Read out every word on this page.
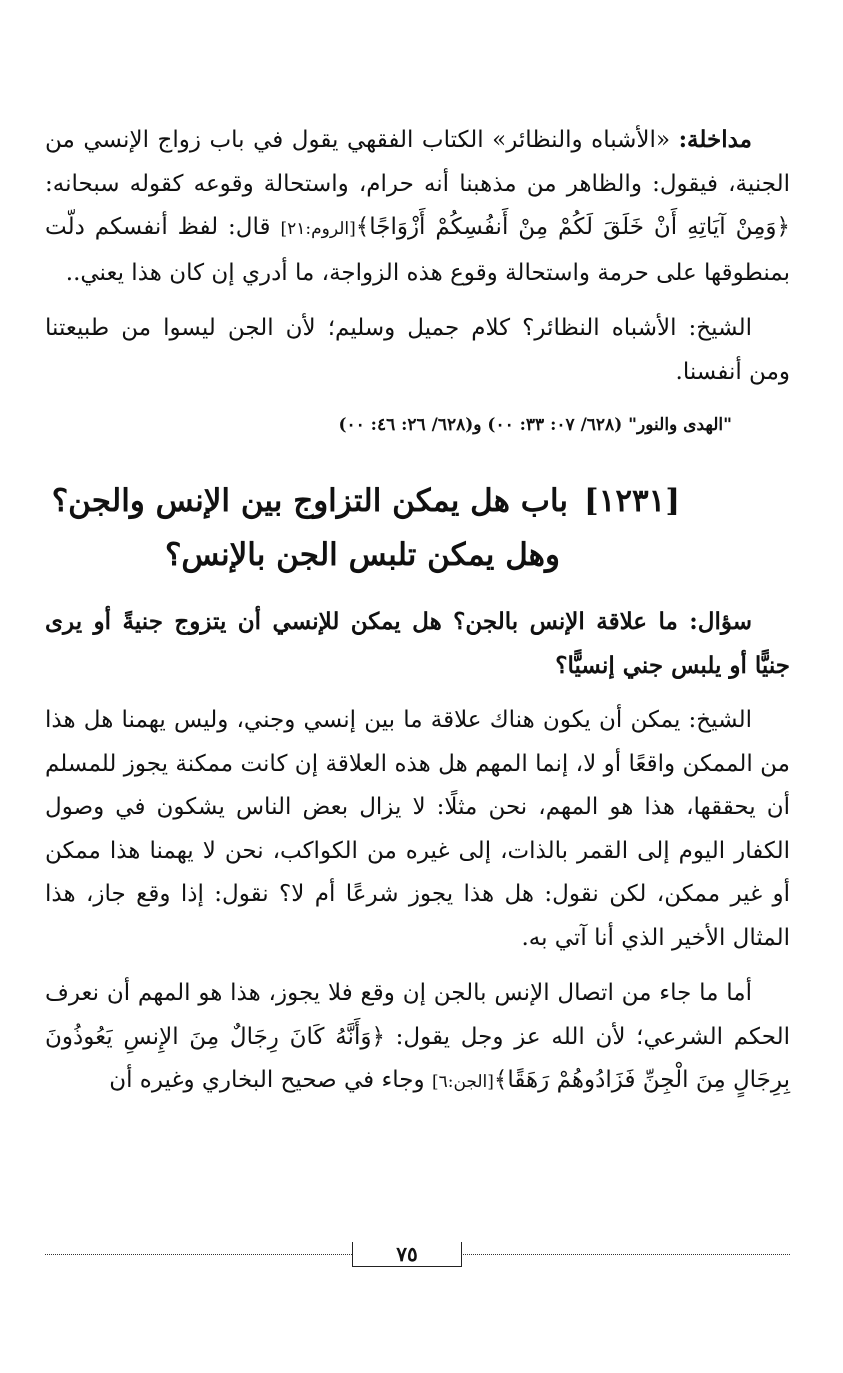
مداخلة: «الأشباه والنظائر» الكتاب الفقهي يقول في باب زواج الإنسي من الجنية، فيقول: والظاهر من مذهبنا أنه حرام، واستحالة وقوعه كقوله سبحانه: ﴿وَمِنْ آيَاتِهِ أَنْ خَلَقَ لَكُمْ مِنْ أَنفُسِكُمْ أَزْوَاجًا﴾[الروم:٢١] قال: لفظ أنفسكم دلّت بمنطوقها على حرمة واستحالة وقوع هذه الزواجة، ما أدري إن كان هذا يعني..

الشيخ: الأشباه النظائر؟ كلام جميل وسليم؛ لأن الجن ليسوا من طبيعتنا ومن أنفسنا.

"الهدى والنور" (٦٢٨/ ٠٧: ٣٣: ٠٠) و(٦٢٨/ ٢٦: ٤٦: ٠٠)

[١٢٣١]باب هل يمكن التزاوج بين الإنس والجن؟
وهل يمكن تلبس الجن بالإنس؟

سؤال: ما علاقة الإنس بالجن؟ هل يمكن للإنسي أن يتزوج جنيةً أو يرى جنيًّا أو يلبس جني إنسيًّا؟

الشيخ: يمكن أن يكون هناك علاقة ما بين إنسي وجني، وليس يهمنا هل هذا من الممكن واقعًا أو لا، إنما المهم هل هذه العلاقة إن كانت ممكنة يجوز للمسلم أن يحققها، هذا هو المهم، نحن مثلًا: لا يزال بعض الناس يشكون في وصول الكفار اليوم إلى القمر بالذات، إلى غيره من الكواكب، نحن لا يهمنا هذا ممكن أو غير ممكن، لكن نقول: هل هذا يجوز شرعًا أم لا؟ نقول: إذا وقع جاز، هذا المثال الأخير الذي أنا آتي به.

أما ما جاء من اتصال الإنس بالجن إن وقع فلا يجوز، هذا هو المهم أن نعرف الحكم الشرعي؛ لأن الله عز وجل يقول: ﴿وَأَنَّهُ كَانَ رِجَالٌ مِنَ الإِنسِ يَعُوذُونَ بِرِجَالٍ مِنَ الْجِنِّ فَزَادُوهُمْ رَهَقًا﴾[الجن:٦] وجاء في صحيح البخاري وغيره أن

٧٥
